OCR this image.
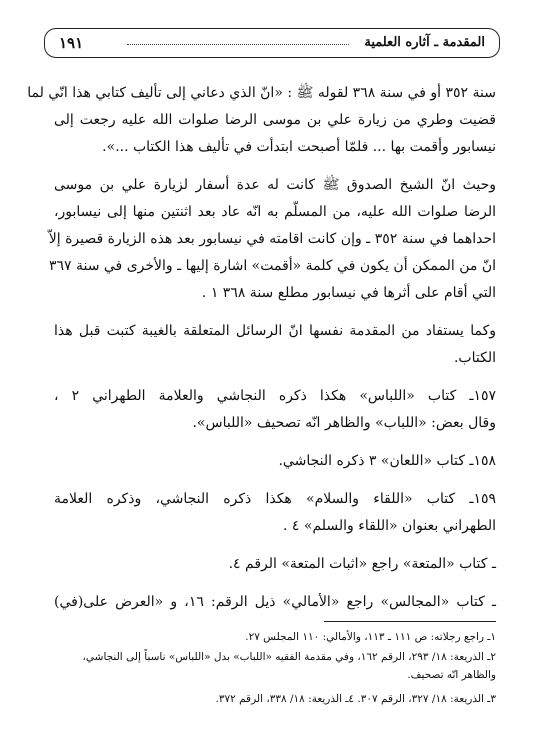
١٩١	المقدمة ـ آثاره العلمية
سنة ٣٥٢ أو في سنة ٣٦٨ لقوله ﷺ : «انّ الذي دعاني إلى تأليف كتابي هذا انّي لما
قضيت وطري من زيارة علي بن موسى الرضا صلوات الله عليه رجعت إلى
نيسابور وأقمت بها ... فلمّا أصبحت ابتدأت في تأليف هذا الكتاب ...».
وحيث انّ الشيخ الصدوق ﷺ كانت له عدة أسفار لزيارة علي بن موسى
الرضا صلوات الله عليه، من المسلّم به انّه عاد بعد اثنتين منها إلى نيسابور،
احداهما في سنة ٣٥٢ ـ وإن كانت اقامته في نيسابور بعد هذه الزيارة قصيرة إلاّ
انّ من الممكن أن يكون في كلمة «أقمت» اشارة إليها ـ والأخرى في سنة ٣٦٧
التي أقام على أثرها في نيسابور مطلع سنة ٣٦٨ ١ .
وكما يستفاد من المقدمة نفسها انّ الرسائل المتعلقة بالغيبة كتبت قبل هذا
الكتاب.
١٥٧ـ كتاب «اللباس» هكذا ذكره النجاشي والعلامة الطهراني ٢ ،
وقال بعض: «اللباب» والظاهر انّه تصحيف «اللباس».
١٥٨ـ كتاب «اللعان» ٣ ذكره النجاشي.
١٥٩ـ كتاب «اللقاء والسلام» هكذا ذكره النجاشي، وذكره العلامة
الطهراني بعنوان «اللقاء والسلم» ٤ .
ـ كتاب «المتعة» راجع «اثبات المتعة» الرقم ٤.
ـ كتاب «المجالس» راجع «الأمالي» ذيل الرقم: ١٦، و «العرض على(في)
١ـ راجع رجلاته: ص ١١١ ـ ١١٣، والأمالي: ١١٠ المجلس ٢٧.
٢ـ الذريعة: ١٨/ ٢٩٣، الرقم ١٦٢، وفي مقدمة الفقيه «اللباب» بدل «اللباس» ناسباً إلى النجاشي،
والظاهر انّه تصحيف.
٣ـ الذريعة: ١٨/ ٣٢٧، الرقم ٣٠٧. ٤ـ الذريعة: ١٨/ ٣٣٨، الرقم ٣٧٢.
